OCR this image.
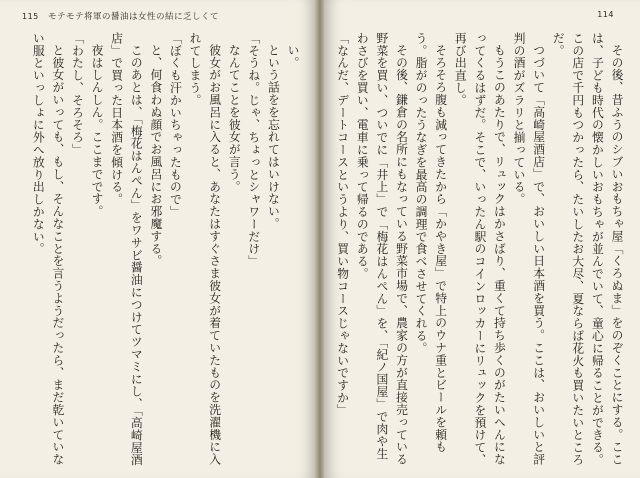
115 モテモテ将軍の醤油は女性の結に乏しくて

い。

という話をを忘れてはいけない。

「そうね。じゃ、ちょっとシャワーだけ」

なんてことを彼女が言う。

彼女がお風呂に入ると、あなたはすぐさま彼女が着ていたものを洗濯機に入れてしまう。

「ぼくも汗かいちゃったもので」

と、何食わぬ顔でお風呂にお邪魔する。

このあとは、「梅花はんぺん」をワサビ醤油につけてツマミにし、「高崎屋酒店」で買った日本酒を傾ける。

夜はしんしん。ここまでです。

「わたし、そろそろ」

と彼女がいっても、もし、そんなことを言うようだったら、まだ乾いていない服といっしょに外へ放り出しかない。

114

その後、昔ふうのシブいおもちゃ屋「くろぬま」をのぞくことにする。ここは、子ども時代の懐かしいおもちゃが並んでいて、童心に帰ることができる。この店で千円もつかったら、たいしたお大尽、夏ならば花火も買いたいところだ。

つづいて「高崎屋酒店」で、おいしい日本酒を買う。ここは、おいしいと評判の酒がズラリと揃っている。

もうこのあたりで、リュックはかさばり、重くて持ち歩くのがたいへんになってくるはずだ。そこで、いったん駅のコインロッカーにリュックを預けて、再び出直し。

そろそろ腹も減ってきたから「かやき屋」で特上のウナ重とビールを頼もう。脂がのったうなぎを最高の調理で食べさせてくれる。

その後、鎌倉の名所にもなっている野菜市場で、農家の方が直接売っている野菜を買い、ついでに「井上」で「梅花はんぺん」を、「紀ノ国屋」で肉や生わさびを買い、電車に乗って帰るのである。

「なんだ、デートコースというより、買い物コースじゃないですか」
